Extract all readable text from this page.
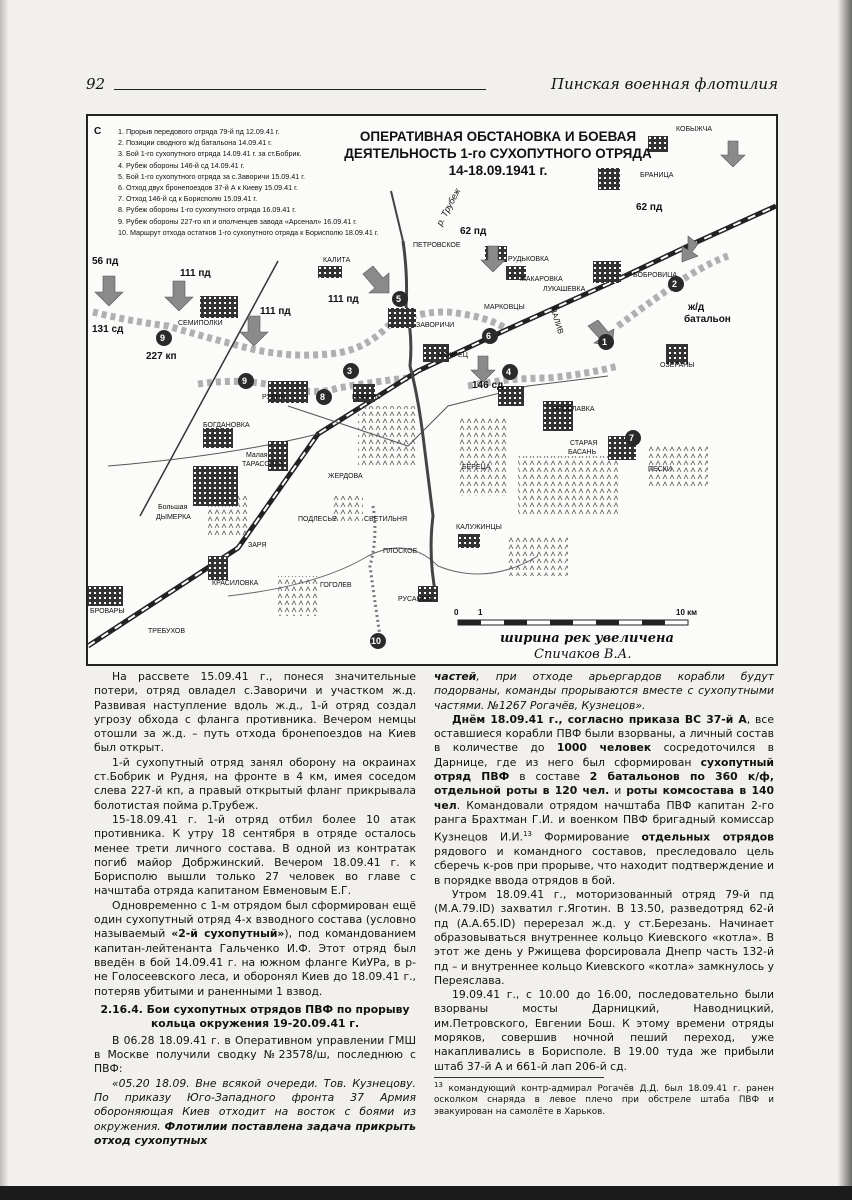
92	Пинская военная флотилия
С 1. Прорыв передового отряда 79-й пд 12.09.41 г.
2. Позиции сводного ж/д батальона 14.09.41 г.
3. Бой 1-го сухопутного отряда 14.09.41 г. за ст.Бобрик.
4. Рубеж обороны 146-й сд 14.09.41 г.
5. Бой 1-го сухопутного отряда за с.Заворичи 15.09.41 г.
6. Отход двух бронепоездов 37-й А к Киеву 15.09.41 г.
7. Отход 146-й сд к Борисполю 15.09.41 г.
8. Рубеж обороны 1-го сухопутного отряда 16.09.41 г.
9. Рубеж обороны 227-го кп и ополченцев завода «Арсенал» 16.09.41 г.
10. Маршрут отхода остатков 1-го сухопутного отряда к Борисполю 18.09.41 г.
ОПЕРАТИВНАЯ ОБСТАНОВКА И БОЕВАЯ
ДЕЯТЕЛЬНОСТЬ 1-го СУХОПУТНОГО ОТРЯДА
14-18.09.1941 г.
КОБЫЖЧА
БРАНИЦА
РУДЬКОВКА
ПЕТРОВСКОЕ
МАКАРОВКА
ЛУКАШЕВКА
БОБРОВИЦА
КАЛИТА
СЕМИПОЛКИ	ЗАВОРИЧИ
МАРКОВЦЫ
МОКРЕЦ
ОЗЕРАНЫ
РУДНЯ	БОБРИК
ЯРОСЛАВКА
СТАРАЯ
БАСАНЬ
БОГДАНОВКА
БЕРЕЦА
Малая
ТАРАСОВКА
ЖЕРДОВА
ПЕСКИ
Большая
ДЫМЕРКА	ПОДЛЕСЬЕ	СВЕТИЛЬНЯ
КАЛУЖИНЦЫ
ЗАРЯ
ПЛОСКОЕ
КРАСИЛОВКА	ГОГОЛЕВ
РУСАНОВ
БРОВАРЫ
ТРЕБУХОВ
р. Трубеж
ЯАЛИВ
56 пд
111 пд
111 пд
111 пд
62 пд
62 пд
131 сд
227 кп
146 сд
ж/д
батальон
1
2
3	4
5
6
7
8
9
9
10
0 1	10 км
ширина рек увеличена
Спичаков В.А.

На рассвете 15.09.41 г., понеся значительные потери, отряд овладел с.Заворичи и участком ж.д. Развивая наступление вдоль ж.д., 1-й отряд создал угрозу обхода с фланга противника. Вечером немцы отошли за ж.д. – путь отхода бронепоездов на Киев был открыт.

1-й сухопутный отряд занял оборону на окраинах ст.Бобрик и Рудня, на фронте в 4 км, имея соседом слева 227-й кп, а правый открытый фланг прикрывала болотистая пойма р.Трубеж.

15-18.09.41 г. 1-й отряд отбил более 10 атак противника. К утру 18 сентября в отряде осталось менее трети личного состава. В одной из контратак погиб майор Добржинский. Вечером 18.09.41 г. к Борисполю вышли только 27 человек во главе с начштаба отряда капитаном Евменовым Е.Г.

Одновременно с 1-м отрядом был сформирован ещё один сухопутный отряд 4-х взводного состава (условно называемый «2-й сухопутный»), под командованием капитан-лейтенанта Гальченко И.Ф. Этот отряд был введён в бой 14.09.41 г. на южном фланге КиУРа, в р-не Голосеевского леса, и оборонял Киев до 18.09.41 г., потеряв убитыми и раненными 1 взвод.

2.16.4. Бои сухопутных отрядов ПВФ по прорыву кольца окружения 19-20.09.41 г.

В 06.28 18.09.41 г. в Оперативном управлении ГМШ в Москве получили сводку №23578/ш, последнюю с ПВФ:

«05.20 18.09. Вне всякой очереди. Тов. Кузнецову. По приказу Юго-Западного фронта 37 Армия обороняющая Киев отходит на восток с боями из окружения. Флотилии поставлена задача прикрыть отход сухопутных

частей, при отходе арьергардов корабли будут подорваны, команды прорываются вместе с сухопутными частями. №1267 Рогачёв, Кузнецов».

Днём 18.09.41 г., согласно приказа ВС 37-й А, все оставшиеся корабли ПВФ были взорваны, а личный состав в количестве до 1000 человек сосредоточился в Дарнице, где из него был сформирован сухопутный отряд ПВФ в составе 2 батальонов по 360 к/ф, отдельной роты в 120 чел. и роты комсостава в 140 чел. Командовали отрядом начштаба ПВФ капитан 2-го ранга Брахтман Г.И. и военком ПВФ бригадный комиссар Кузнецов И.И.$^{13}$ Формирование отдельных отрядов рядового и командного составов, преследовало цель сберечь к-ров при прорыве, что находит подтверждение и в порядке ввода отрядов в бой.

Утром 18.09.41 г., моторизованный отряд 79-й пд (М.А.79.ID) захватил г.Яготин. В 13.50, разведотряд 62-й пд (А.А.65.ID) перерезал ж.д. у ст.Березань. Начинает образовываться внутреннее кольцо Киевского «котла». В этот же день у Ржищева форсировала Днепр часть 132-й пд – и внутреннее кольцо Киевского «котла» замкнулось у Переяслава.

19.09.41 г., с 10.00 до 16.00, последовательно были взорваны мосты Дарницкий, Наводницкий, им.Петровского, Евгении Бош. К этому времени отряды моряков, совершив ночной пеший переход, уже накапливались в Борисполе. В 19.00 туда же прибыли штаб 37-й А и 661-й лап 206-й сд.

$^{13}$ командующий контр-адмирал Рогачёв Д.Д. был 18.09.41 г. ранен осколком снаряда в левое плечо при обстреле штаба ПВФ и эвакуирован на самолёте в Харьков.
